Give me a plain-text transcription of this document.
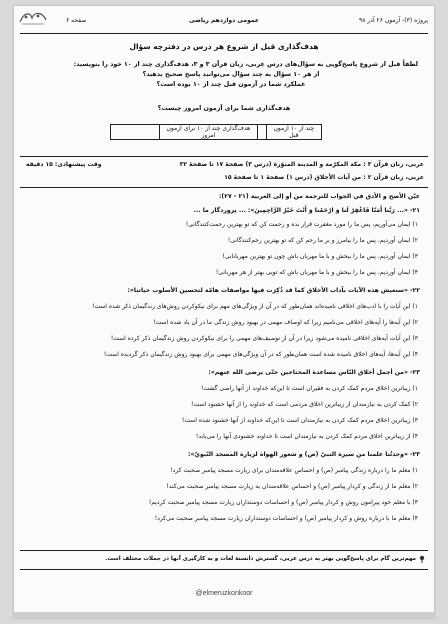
پروژه (۳)- آزمون ۲۶ آذر ۹۸
عمومی دوازدهم ریاضی
صفحه ۶
هدف‌گذاری قبل از شروع هر درس در دفترچه سؤال
لطفاً قبل از شروع پاسخ‌گویی به سؤال‌های درس عربی، زبان قرآن ۳ و ۳، هدف‌گذاری چند از ۱۰ خود را بنویسید:
از هر ۱۰ سؤال به چند سؤال می‌توانید پاسخ صحیح بدهید؟
عملکرد شما در آزمون قبل چند از ۱۰ بوده است؟
هدف‌گذاری شما برای آزمون امروز چیست؟
چند از ۱۰ آزمون قبل		هدف‌گذاری چند از ۱۰ برای آزمون امروز	
عربی، زبان قرآن ۳ : مكة المكرّمة و المدينة المنوّرة (درس ۳) صفحهٔ ۱۷ تا صفحهٔ ۳۲
عربی، زبان قرآن ۲ : من آيات الأخلاق (درس ۱) صفحهٔ ۱ تا صفحهٔ ۱۵
وقت پیشنهادی: ۱۵ دقیقه
عيّن الأصح و الأدق في الجواب للترجمة من أو إلى العربية (۲۱ - ۲۷):
۲۱- «... رَبَّنا أَمَنّا فَاغْفِرْ لَنا وَ ارْحَمْنا وَ أَنْتَ خَيْرُ الرَّاحِمِينَ»: ... پروردگار ما ...
۱) ایمان می‌آوریم، پس ما را مورد مغفرت قرار بده و رحمت کن که تو بهترین رحمت‌کنندگانی!
۲) ایمان آوردیم، پس ما را بیامرز و بر ما رحم کن که تو بهترین رحم‌کنندگانی!
۳) ایمان آوردیم، پس ما را ببخش و با ما مهربان باش چون تو بهترین مهربانانی!
۴) ایمان آوردیم، پس ما را ببخش و با ما مهربان باش که تویی بهتر از هر مهربانی!
۲۲- «سنعيش هذه الآيات بآداب الأخلاق كما قد ذُكِرَت فيها مواصفات هامّة لتحسين الأسلوب حياتنا»:
۱) این آیات را با ادب‌های اخلاقی نامیده‌اند همان‌طور که در آن از ویژگی‌های مهم برای نیکوکردن روش‌های زندگیمان ذکر شده است!
۲) این آیه‌ها را آیه‌های اخلاقی می‌نامیم زیرا که اوصاف مهمی در بهبود روش زندگی ما در آن یاد شده است!
۳) این آیات آیه‌های اخلاقی نامیده می‌شود زیرا در آن از توصیف‌های مهمی را برای نیکوکردن روش زندگیمان ذکر کرده است!
۴) این آیه‌ها، آیه‌های اخلاق نامیده شده است همان‌طور که در آن ویژگی‌های مهمی برای بهبود روش زندگیمان ذکر گردیده است!
۲۳- «من أجمل أخلاق النّاس مساعدة المحتاجين حتّى يرضى الله عنهم»:
۱) زیباترین اخلاق مردم کمک کردن به فقیران است تا این‌که خداوند از آنها راضی گشت!
۲) کمک کردن به نیازمندان از زیباترین اخلاق مردمی است که خداوند را از آنها خشنود است!
۳) زیباترین اخلاق مردم کمک کردن به نیازمندان است تا این‌که خداوند از آنها خشنود شده است!
۴) از زیباترین اخلاق مردم کمک کردن به نیازمندان است تا خداوند خشنودی آنها را می‌یابد!
۲۴- «وجدتُنا علمنا من سيرة النبيّ (ص) و شعور الهواة لزيارة المسجد النّبويّ»:
۱) معلم ما را درباره زندگی پیامبر (ص) و احساس علاقه‌مندان برای زیارت مسجد پیامبر صحبت کرد!
۲) معلم ما از زندگی و کردار پیامبر (ص) و احساس علاقه‌مندان به زیارت مسجد پیامبر صحبت می‌کند!
۳) با معلم خود پیرامون روش و کردار پیامبر (ص) و احساسات دوستداران زیارت مسجد پیامبر صحبت کردیم!
۴) معلم ما با درباره روش و کردار پیامبر (ص) و احساسات دوستداران زیارت مسجد پیامبر صحبت می‌کرد!
مهم‌ترین گام برای پاسخ‌گویی بهتر به درس عربی، گسترش دانستهٔ لغات و به کارگیری آنها در جملات مختلف است.
@elmeruzkonkoor
